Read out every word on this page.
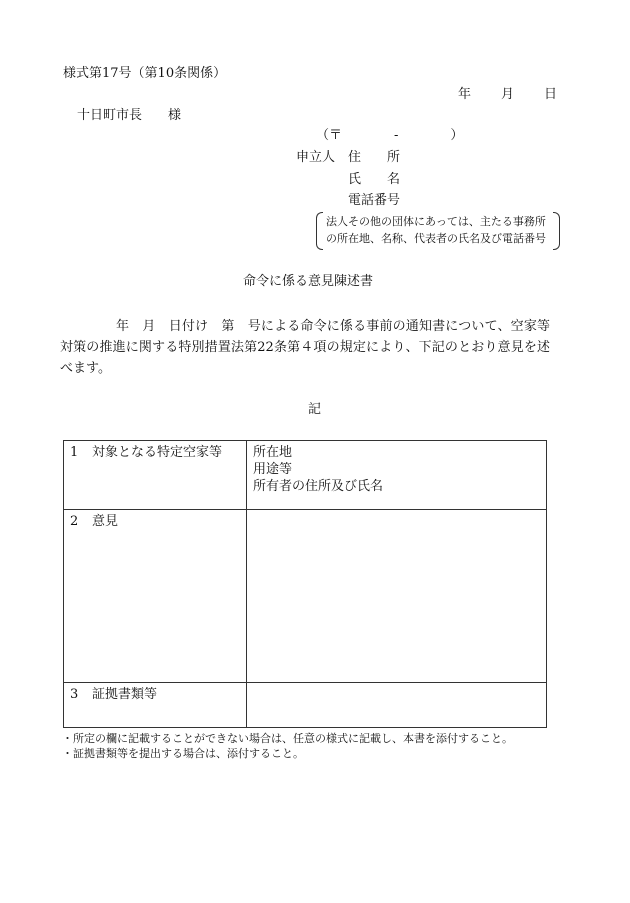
様式第17号（第10条関係）
年 月 日
十日町市長　　様
（〒　　　　-　　　　）
申立人 住　　所
氏　　名
電話番号
法人その他の団体にあっては、主たる事務所
の所在地、名称、代表者の氏名及び電話番号
命令に係る意見陳述書
年　月　日付け　第　号による命令に係る事前の通知書について、空家等対策の推進に関する特別措置法第22条第４項の規定により、下記のとおり意見を述べます。
記
1 対象となる特定空家等	所在地
用途等
所有者の住所及び氏名

2 意見	
3 証拠書類等	
・所定の欄に記載することができない場合は、任意の様式に記載し、本書を添付すること。
・証拠書類等を提出する場合は、添付すること。
